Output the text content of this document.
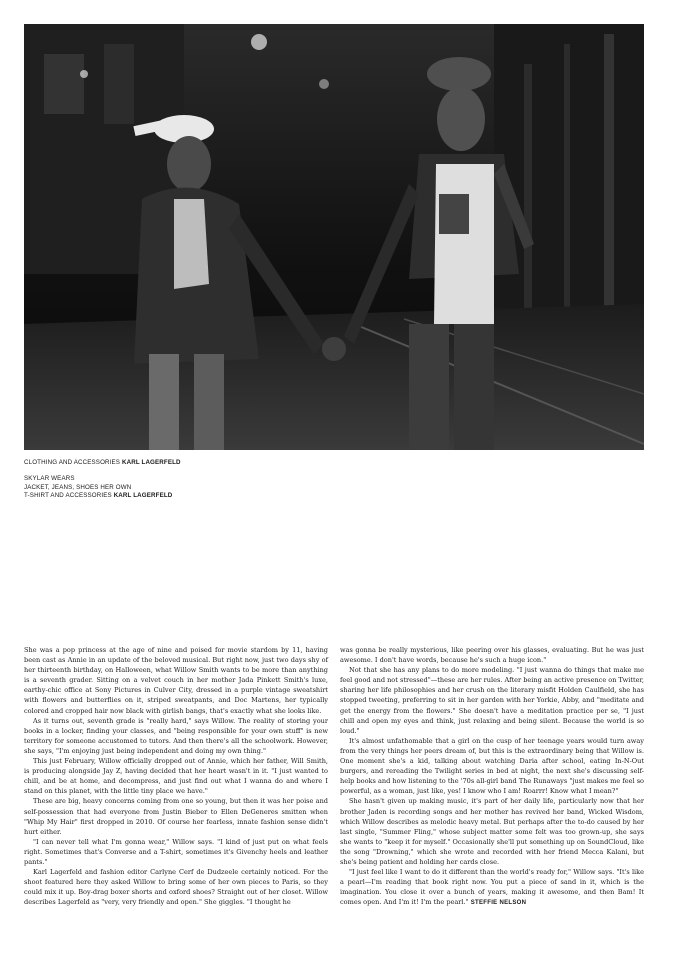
CLOTHING AND ACCESSORIES KARL LAGERFELD
SKYLAR WEARS
JACKET, JEANS, SHOES HER OWN
T-SHIRT AND ACCESSORIES KARL LAGERFELD

She was a pop princess at the age of nine and poised for movie stardom by 11, having been cast as Annie in an update of the beloved musical. But right now, just two days shy of her thirteenth birthday, on Halloween, what Willow Smith wants to be more than anything is a seventh grader. Sitting on a velvet couch in her mother Jada Pinkett Smith's luxe, earthy-chic office at Sony Pictures in Culver City, dressed in a purple vintage sweatshirt with flowers and butterflies on it, striped sweatpants, and Doc Martens, her typically colored and cropped hair now black with girlish bangs, that's exactly what she looks like.

As it turns out, seventh grade is "really hard," says Willow. The reality of storing your books in a locker, finding your classes, and "being responsible for your own stuff" is new territory for someone accustomed to tutors. And then there's all the schoolwork. However, she says, "I'm enjoying just being independent and doing my own thing."

This just February, Willow officially dropped out of Annie, which her father, Will Smith, is producing alongside Jay Z, having decided that her heart wasn't in it. "I just wanted to chill, and be at home, and decompress, and just find out what I wanna do and where I stand on this planet, with the little tiny place we have."

These are big, heavy concerns coming from one so young, but then it was her poise and self-possession that had everyone from Justin Bieber to Ellen DeGeneres smitten when "Whip My Hair" first dropped in 2010. Of course her fearless, innate fashion sense didn't hurt either.

"I can never tell what I'm gonna wear," Willow says. "I kind of just put on what feels right. Sometimes that's Converse and a T-shirt, sometimes it's Givenchy heels and leather pants."

Karl Lagerfeld and fashion editor Carlyne Cerf de Dudzeele certainly noticed. For the shoot featured here they asked Willow to bring some of her own pieces to Paris, so they could mix it up. Boy-drag boxer shorts and oxford shoes? Straight out of her closet. Willow describes Lagerfeld as "very, very friendly and open." She giggles. "I thought he

was gonna be really mysterious, like peering over his glasses, evaluating. But he was just awesome. I don't have words, because he's such a huge icon."

Not that she has any plans to do more modeling. "I just wanna do things that make me feel good and not stressed"—these are her rules. After being an active presence on Twitter, sharing her life philosophies and her crush on the literary misfit Holden Caulfield, she has stopped tweeting, preferring to sit in her garden with her Yorkie, Abby, and "meditate and get the energy from the flowers." She doesn't have a meditation practice per se, "I just chill and open my eyes and think, just relaxing and being silent. Because the world is so loud."

It's almost unfathomable that a girl on the cusp of her teenage years would turn away from the very things her peers dream of, but this is the extraordinary being that Willow is. One moment she's a kid, talking about watching Daria after school, eating In-N-Out burgers, and rereading the Twilight series in bed at night, the next she's discussing self-help books and how listening to the '70s all-girl band The Runaways "just makes me feel so powerful, as a woman, just like, yes! I know who I am! Roarrr! Know what I mean?"

She hasn't given up making music, it's part of her daily life, particularly now that her brother Jaden is recording songs and her mother has revived her band, Wicked Wisdom, which Willow describes as melodic heavy metal. But perhaps after the to-do caused by her last single, "Summer Fling," whose subject matter some felt was too grown-up, she says she wants to "keep it for myself." Occasionally she'll put something up on SoundCloud, like the song "Drowning," which she wrote and recorded with her friend Mecca Kalani, but she's being patient and holding her cards close.

"I just feel like I want to do it different than the world's ready for," Willow says. "It's like a pearl—I'm reading that book right now. You put a piece of sand in it, which is the imagination. You close it over a bunch of years, making it awesome, and then Bam! It comes open. And I'm it! I'm the pearl." STEFFIE NELSON
